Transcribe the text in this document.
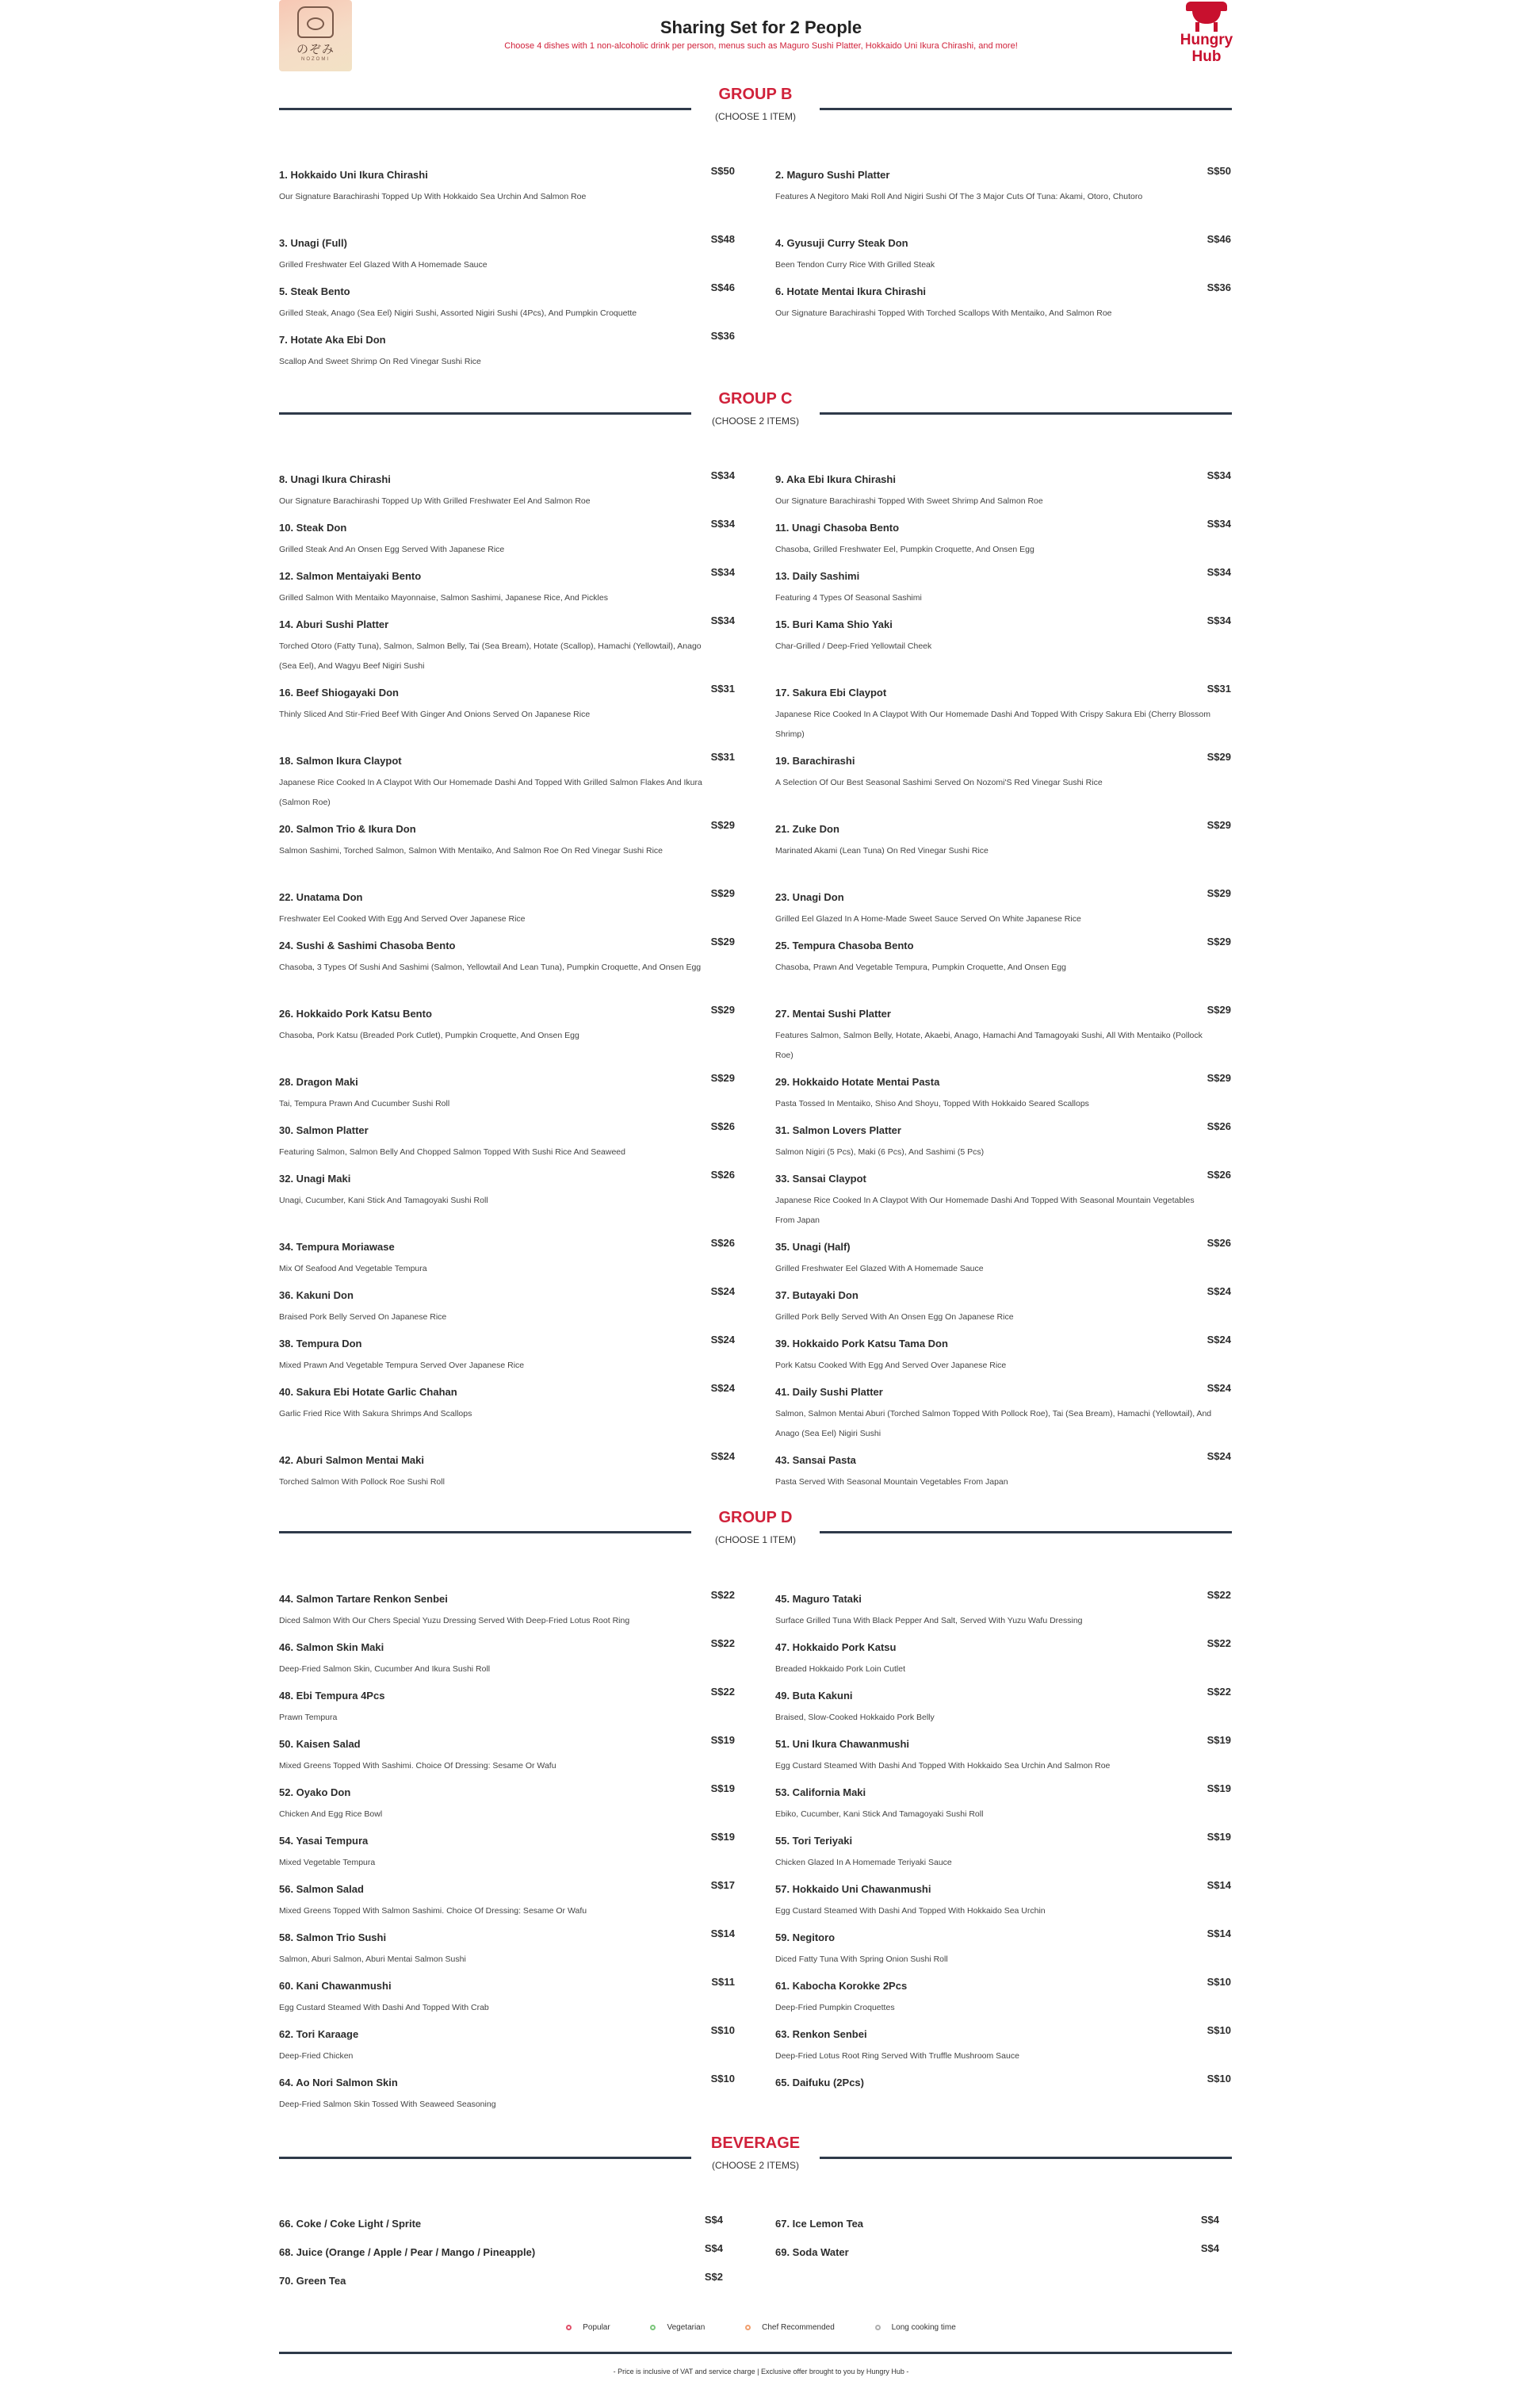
のぞみ
NOZOMI
Sharing Set for 2 People
Choose 4 dishes with 1 non-alcoholic drink per person, menus such as Maguro Sushi Platter, Hokkaido Uni Ikura Chirashi, and more!	Hungry
Hub
GROUP B
(CHOOSE 1 ITEM)
GROUP C
(CHOOSE 2 ITEMS)
GROUP D
(CHOOSE 1 ITEM)
BEVERAGE
(CHOOSE 2 ITEMS)
1. Hokkaido Uni Ikura Chirashi	S$50
Our Signature Barachirashi Topped Up With Hokkaido Sea Urchin And Salmon Roe
2. Maguro Sushi Platter	S$50
Features A Negitoro Maki Roll And Nigiri Sushi Of The 3 Major Cuts Of Tuna: Akami, Otoro, Chutoro
3. Unagi (Full)	S$48
Grilled Freshwater Eel Glazed With A Homemade Sauce
4. Gyusuji Curry Steak Don	S$46
Been Tendon Curry Rice With Grilled Steak
5. Steak Bento	S$46
Grilled Steak, Anago (Sea Eel) Nigiri Sushi, Assorted Nigiri Sushi (4Pcs), And Pumpkin Croquette
6. Hotate Mentai Ikura Chirashi	S$36
Our Signature Barachirashi Topped With Torched Scallops With Mentaiko, And Salmon Roe
7. Hotate Aka Ebi Don	S$36
Scallop And Sweet Shrimp On Red Vinegar Sushi Rice
8. Unagi Ikura Chirashi	S$34
Our Signature Barachirashi Topped Up With Grilled Freshwater Eel And Salmon Roe
9. Aka Ebi Ikura Chirashi	S$34
Our Signature Barachirashi Topped With Sweet Shrimp And Salmon Roe
10. Steak Don	S$34
Grilled Steak And An Onsen Egg Served With Japanese Rice
11. Unagi Chasoba Bento	S$34
Chasoba, Grilled Freshwater Eel, Pumpkin Croquette, And Onsen Egg
12. Salmon Mentaiyaki Bento	S$34
Grilled Salmon With Mentaiko Mayonnaise, Salmon Sashimi, Japanese Rice, And Pickles
13. Daily Sashimi	S$34
Featuring 4 Types Of Seasonal Sashimi
14. Aburi Sushi Platter	S$34
Torched Otoro (Fatty Tuna), Salmon, Salmon Belly, Tai (Sea Bream), Hotate (Scallop), Hamachi (Yellowtail), Anago (Sea Eel), And Wagyu Beef Nigiri Sushi
15. Buri Kama Shio Yaki	S$34
Char-Grilled / Deep-Fried Yellowtail Cheek
16. Beef Shiogayaki Don	S$31
Thinly Sliced And Stir-Fried Beef With Ginger And Onions Served On Japanese Rice
17. Sakura Ebi Claypot	S$31
Japanese Rice Cooked In A Claypot With Our Homemade Dashi And Topped With Crispy Sakura Ebi (Cherry Blossom Shrimp)
18. Salmon Ikura Claypot	S$31
Japanese Rice Cooked In A Claypot With Our Homemade Dashi And Topped With Grilled Salmon Flakes And Ikura (Salmon Roe)
19. Barachirashi	S$29
A Selection Of Our Best Seasonal Sashimi Served On Nozomi'S Red Vinegar Sushi Rice
20. Salmon Trio & Ikura Don	S$29
Salmon Sashimi, Torched Salmon, Salmon With Mentaiko, And Salmon Roe On Red Vinegar Sushi Rice
21. Zuke Don	S$29
Marinated Akami (Lean Tuna) On Red Vinegar Sushi Rice
22. Unatama Don	S$29
Freshwater Eel Cooked With Egg And Served Over Japanese Rice
23. Unagi Don	S$29
Grilled Eel Glazed In A Home-Made Sweet Sauce Served On White Japanese Rice
24. Sushi & Sashimi Chasoba Bento	S$29
Chasoba, 3 Types Of Sushi And Sashimi (Salmon, Yellowtail And Lean Tuna), Pumpkin Croquette, And Onsen Egg
25. Tempura Chasoba Bento	S$29
Chasoba, Prawn And Vegetable Tempura, Pumpkin Croquette, And Onsen Egg
26. Hokkaido Pork Katsu Bento	S$29
Chasoba, Pork Katsu (Breaded Pork Cutlet), Pumpkin Croquette, And Onsen Egg
27. Mentai Sushi Platter	S$29
Features Salmon, Salmon Belly, Hotate, Akaebi, Anago, Hamachi And Tamagoyaki Sushi, All With Mentaiko (Pollock Roe)
28. Dragon Maki	S$29
Tai, Tempura Prawn And Cucumber Sushi Roll
29. Hokkaido Hotate Mentai Pasta	S$29
Pasta Tossed In Mentaiko, Shiso And Shoyu, Topped With Hokkaido Seared Scallops
30. Salmon Platter	S$26
Featuring Salmon, Salmon Belly And Chopped Salmon Topped With Sushi Rice And Seaweed
31. Salmon Lovers Platter	S$26
Salmon Nigiri (5 Pcs), Maki (6 Pcs), And Sashimi (5 Pcs)
32. Unagi Maki	S$26
Unagi, Cucumber, Kani Stick And Tamagoyaki Sushi Roll
33. Sansai Claypot	S$26
Japanese Rice Cooked In A Claypot With Our Homemade Dashi And Topped With Seasonal Mountain Vegetables From Japan
34. Tempura Moriawase	S$26
Mix Of Seafood And Vegetable Tempura
35. Unagi (Half)	S$26
Grilled Freshwater Eel Glazed With A Homemade Sauce
36. Kakuni Don	S$24
Braised Pork Belly Served On Japanese Rice
37. Butayaki Don	S$24
Grilled Pork Belly Served With An Onsen Egg On Japanese Rice
38. Tempura Don	S$24
Mixed Prawn And Vegetable Tempura Served Over Japanese Rice
39. Hokkaido Pork Katsu Tama Don	S$24
Pork Katsu Cooked With Egg And Served Over Japanese Rice
40. Sakura Ebi Hotate Garlic Chahan	S$24
Garlic Fried Rice With Sakura Shrimps And Scallops
41. Daily Sushi Platter	S$24
Salmon, Salmon Mentai Aburi (Torched Salmon Topped With Pollock Roe), Tai (Sea Bream), Hamachi (Yellowtail), And Anago (Sea Eel) Nigiri Sushi
42. Aburi Salmon Mentai Maki	S$24
Torched Salmon With Pollock Roe Sushi Roll
43. Sansai Pasta	S$24
Pasta Served With Seasonal Mountain Vegetables From Japan
44. Salmon Tartare Renkon Senbei	S$22
Diced Salmon With Our Chers Special Yuzu Dressing Served With Deep-Fried Lotus Root Ring
45. Maguro Tataki	S$22
Surface Grilled Tuna With Black Pepper And Salt, Served With Yuzu Wafu Dressing
46. Salmon Skin Maki	S$22
Deep-Fried Salmon Skin, Cucumber And Ikura Sushi Roll
47. Hokkaido Pork Katsu	S$22
Breaded Hokkaido Pork Loin Cutlet
48. Ebi Tempura 4Pcs	S$22
Prawn Tempura
49. Buta Kakuni	S$22
Braised, Slow-Cooked Hokkaido Pork Belly
50. Kaisen Salad	S$19
Mixed Greens Topped With Sashimi. Choice Of Dressing: Sesame Or Wafu
51. Uni Ikura Chawanmushi	S$19
Egg Custard Steamed With Dashi And Topped With Hokkaido Sea Urchin And Salmon Roe
52. Oyako Don	S$19
Chicken And Egg Rice Bowl
53. California Maki	S$19
Ebiko, Cucumber, Kani Stick And Tamagoyaki Sushi Roll
54. Yasai Tempura	S$19
Mixed Vegetable Tempura
55. Tori Teriyaki	S$19
Chicken Glazed In A Homemade Teriyaki Sauce
56. Salmon Salad	S$17
Mixed Greens Topped With Salmon Sashimi. Choice Of Dressing: Sesame Or Wafu
57. Hokkaido Uni Chawanmushi	S$14
Egg Custard Steamed With Dashi And Topped With Hokkaido Sea Urchin
58. Salmon Trio Sushi	S$14
Salmon, Aburi Salmon, Aburi Mentai Salmon Sushi
59. Negitoro	S$14
Diced Fatty Tuna With Spring Onion Sushi Roll
60. Kani Chawanmushi	S$11
Egg Custard Steamed With Dashi And Topped With Crab
61. Kabocha Korokke 2Pcs	S$10
Deep-Fried Pumpkin Croquettes
62. Tori Karaage	S$10
Deep-Fried Chicken
63. Renkon Senbei	S$10
Deep-Fried Lotus Root Ring Served With Truffle Mushroom Sauce
64. Ao Nori Salmon Skin	S$10
Deep-Fried Salmon Skin Tossed With Seaweed Seasoning
65. Daifuku (2Pcs)	S$10
66. Coke / Coke Light / Sprite	S$4	67. Ice Lemon Tea	S$4
68. Juice (Orange / Apple / Pear / Mango / Pineapple)	S$4	69. Soda Water	S$4
70. Green Tea	S$2
Popular	Vegetarian	Chef Recommended	Long cooking time
- Price is inclusive of VAT and service charge | Exclusive offer brought to you by Hungry Hub -
